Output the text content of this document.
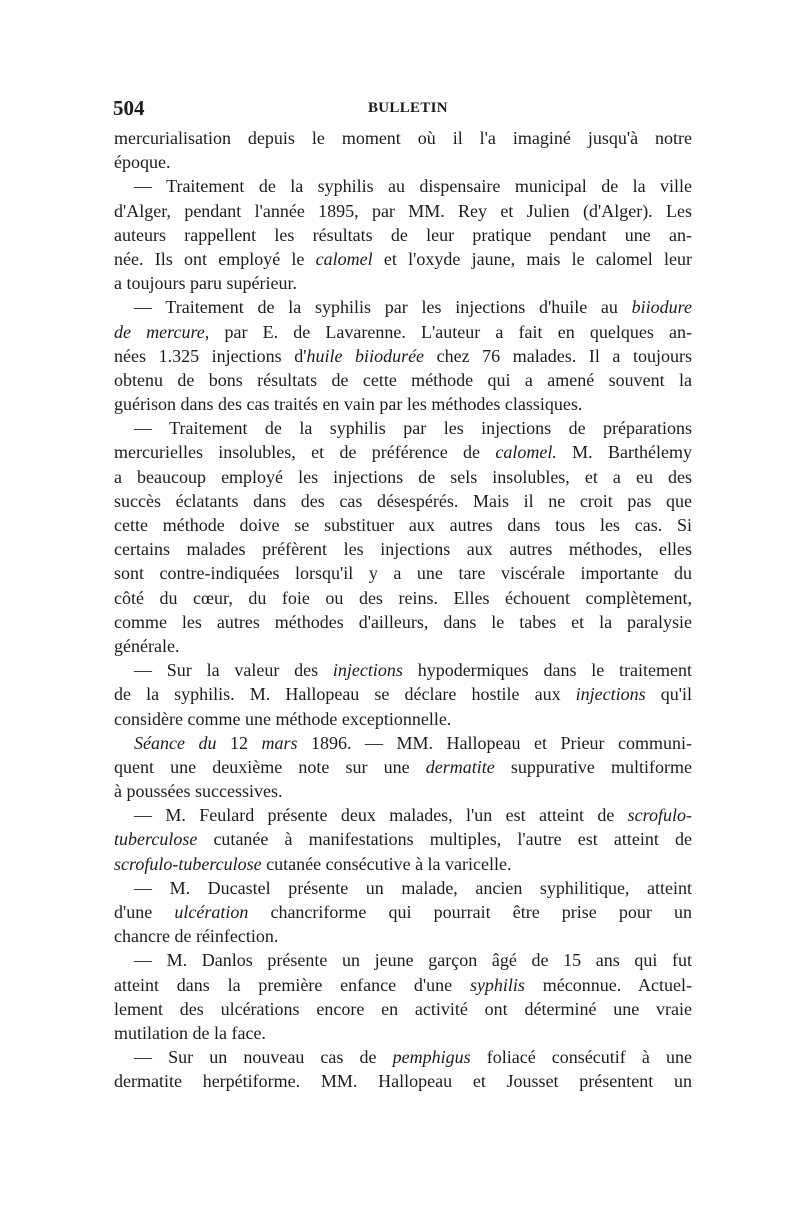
504	BULLETIN
mercurialisation depuis le moment où il l'a imaginé jusqu'à notre
époque.
— Traitement de la syphilis au dispensaire municipal de la ville
d'Alger, pendant l'année 1895, par MM. Rey et Julien (d'Alger). Les
auteurs rappellent les résultats de leur pratique pendant une an-
née. Ils ont employé le calomel et l'oxyde jaune, mais le calomel leur
a toujours paru supérieur.
— Traitement de la syphilis par les injections d'huile au biiodure
de mercure, par E. de Lavarenne. L'auteur a fait en quelques an-
nées 1.325 injections d'huile biiodurée chez 76 malades. Il a toujours
obtenu de bons résultats de cette méthode qui a amené souvent la
guérison dans des cas traités en vain par les méthodes classiques.
— Traitement de la syphilis par les injections de préparations
mercurielles insolubles, et de préférence de calomel. M. Barthélemy
a beaucoup employé les injections de sels insolubles, et a eu des
succès éclatants dans des cas désespérés. Mais il ne croit pas que
cette méthode doive se substituer aux autres dans tous les cas. Si
certains malades préfèrent les injections aux autres méthodes, elles
sont contre-indiquées lorsqu'il y a une tare viscérale importante du
côté du cœur, du foie ou des reins. Elles échouent complètement,
comme les autres méthodes d'ailleurs, dans le tabes et la paralysie
générale.
— Sur la valeur des injections hypodermiques dans le traitement
de la syphilis. M. Hallopeau se déclare hostile aux injections qu'il
considère comme une méthode exceptionnelle.
Séance du 12 mars 1896. — MM. Hallopeau et Prieur communi-
quent une deuxième note sur une dermatite suppurative multiforme
à poussées successives.
— M. Feulard présente deux malades, l'un est atteint de scrofulo-
tuberculose cutanée à manifestations multiples, l'autre est atteint de
scrofulo-tuberculose cutanée consécutive à la varicelle.
— M. Ducastel présente un malade, ancien syphilitique, atteint
d'une ulcération chancriforme qui pourrait être prise pour un
chancre de réinfection.
— M. Danlos présente un jeune garçon âgé de 15 ans qui fut
atteint dans la première enfance d'une syphilis méconnue. Actuel-
lement des ulcérations encore en activité ont déterminé une vraie
mutilation de la face.
— Sur un nouveau cas de pemphigus foliacé consécutif à une
dermatite herpétiforme. MM. Hallopeau et Jousset présentent un
